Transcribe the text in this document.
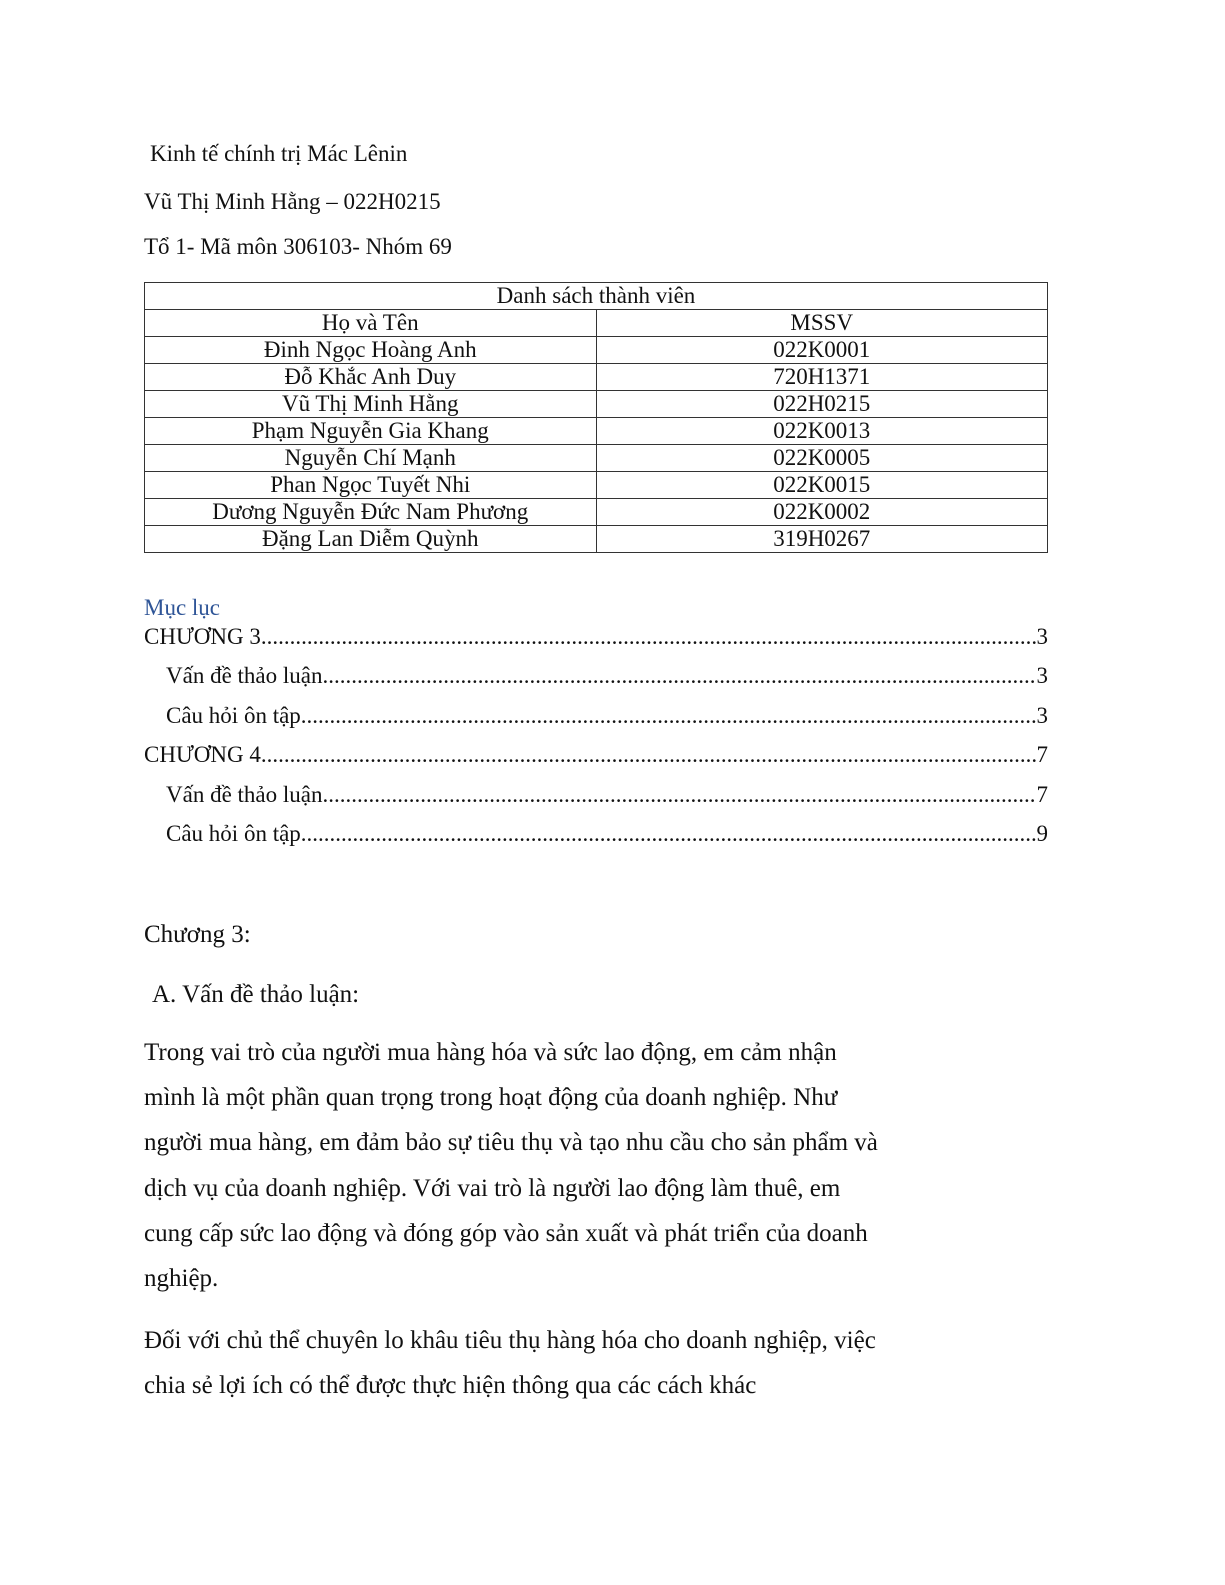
Kinh tế chính trị Mác Lênin
Vũ Thị Minh Hằng – 022H0215
Tổ 1- Mã môn 306103- Nhóm 69
Danh sách thành viên	
Họ và Tên	MSSV
Đinh Ngọc Hoàng Anh	022K0001
Đỗ Khắc Anh Duy	720H1371
Vũ Thị Minh Hằng	022H0215
Phạm Nguyễn Gia Khang	022K0013
Nguyễn Chí Mạnh	022K0005
Phan Ngọc Tuyết Nhi	022K0015
Dương Nguyễn Đức Nam Phương	022K0002
Đặng Lan Diễm Quỳnh	319H0267
Mục lục
CHƯƠNG 3 .....	3
Vấn đề thảo luận .....	3
Câu hỏi ôn tập .....	3
CHƯƠNG 4 .....	7
Vấn đề thảo luận .....	7
Câu hỏi ôn tập .....	9
Chương 3:
A. Vấn đề thảo luận:

Trong vai trò của người mua hàng hóa và sức lao động, em cảm nhận mình là một phần quan trọng trong hoạt động của doanh nghiệp. Như người mua hàng, em đảm bảo sự tiêu thụ và tạo nhu cầu cho sản phẩm và dịch vụ của doanh nghiệp. Với vai trò là người lao động làm thuê, em cung cấp sức lao động và đóng góp vào sản xuất và phát triển của doanh nghiệp.

Đối với chủ thể chuyên lo khâu tiêu thụ hàng hóa cho doanh nghiệp, việc chia sẻ lợi ích có thể được thực hiện thông qua các cách khác
